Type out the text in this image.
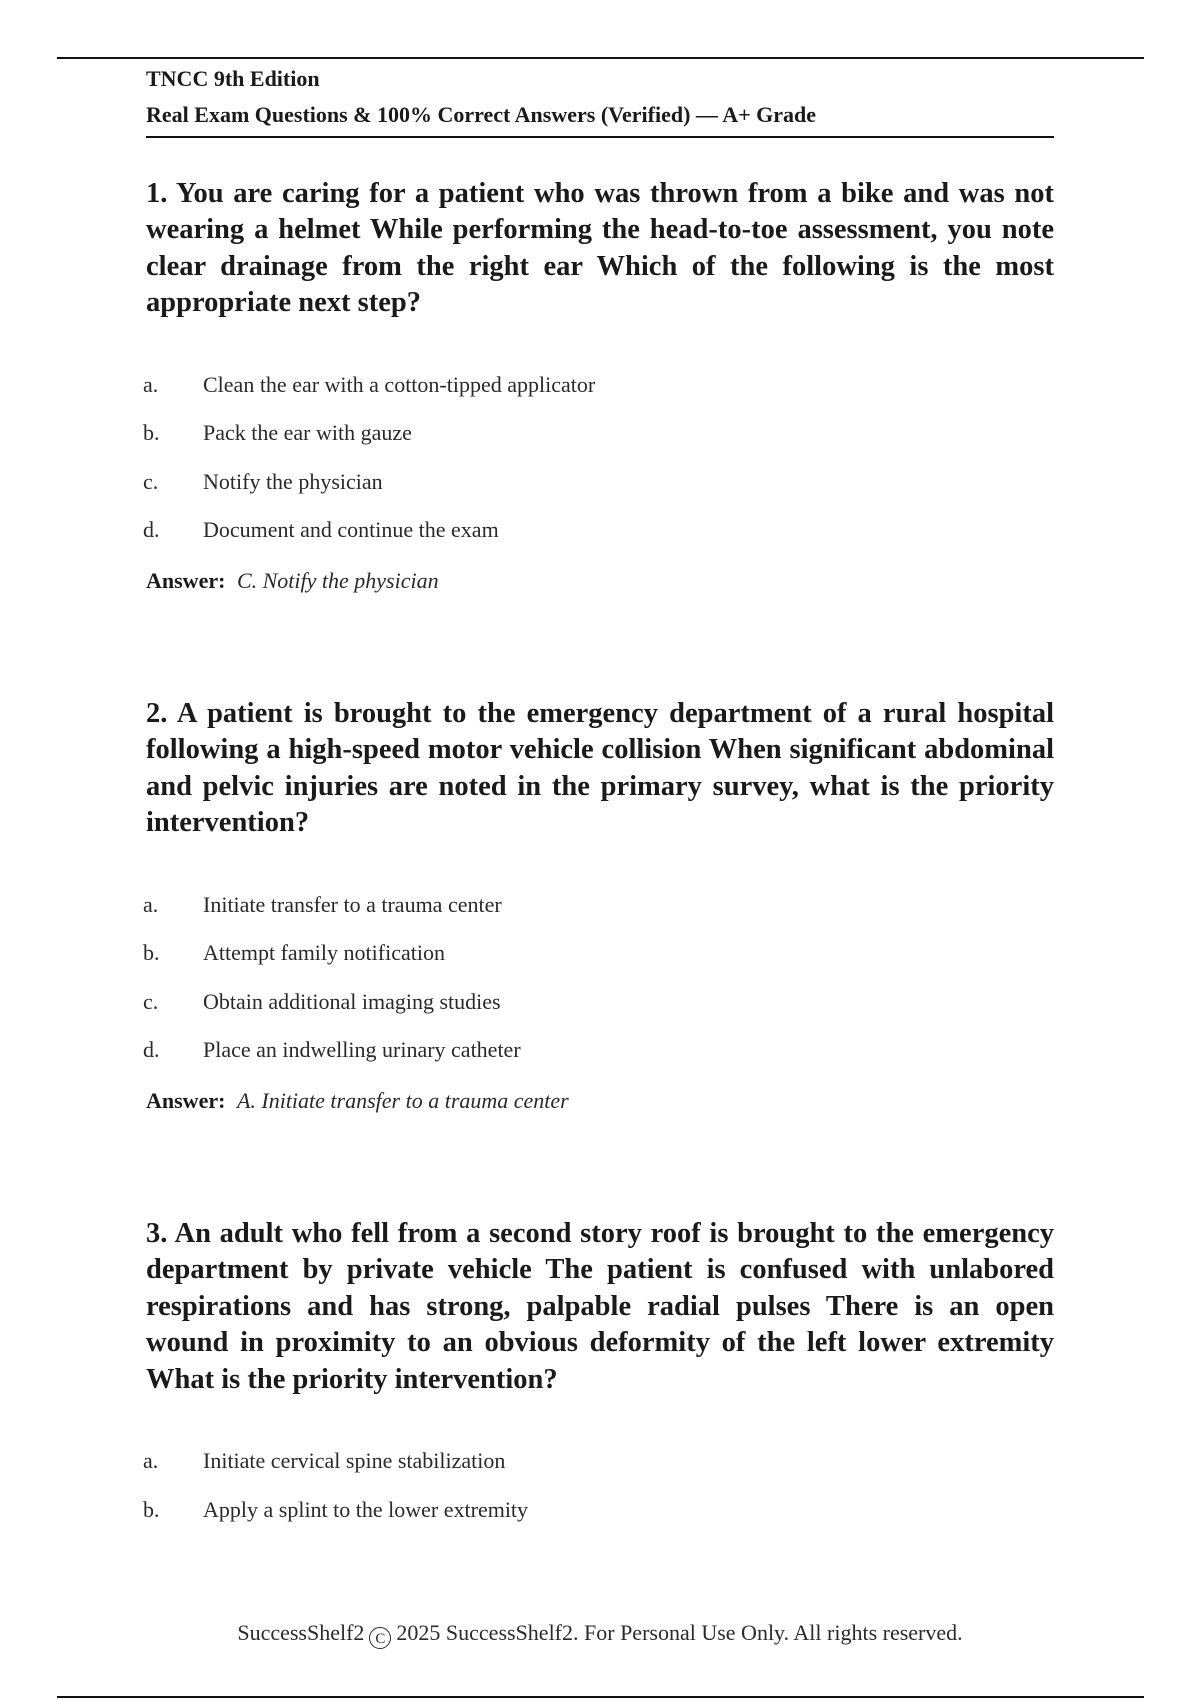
TNCC 9th Edition
Real Exam Questions & 100% Correct Answers (Verified) — A+ Grade

1. You are caring for a patient who was thrown from a bike and was not wearing a helmet While performing the head-to-toe assessment, you note clear drainage from the right ear Which of the following is the most appropriate next step?

a. Clean the ear with a cotton-tipped applicator
b. Pack the ear with gauze
c. Notify the physician
d. Document and continue the exam
Answer: C. Notify the physician

2. A patient is brought to the emergency department of a rural hospital following a high-speed motor vehicle collision When significant abdominal and pelvic injuries are noted in the primary survey, what is the priority intervention?

a. Initiate transfer to a trauma center
b. Attempt family notification
c. Obtain additional imaging studies
d. Place an indwelling urinary catheter
Answer: A. Initiate transfer to a trauma center

3. An adult who fell from a second story roof is brought to the emergency department by private vehicle The patient is confused with unlabored respirations and has strong, palpable radial pulses There is an open wound in proximity to an obvious deformity of the left lower extremity What is the priority intervention?

a. Initiate cervical spine stabilization
b. Apply a splint to the lower extremity
SuccessShelf2 C 2025 SuccessShelf2. For Personal Use Only. All rights reserved.
